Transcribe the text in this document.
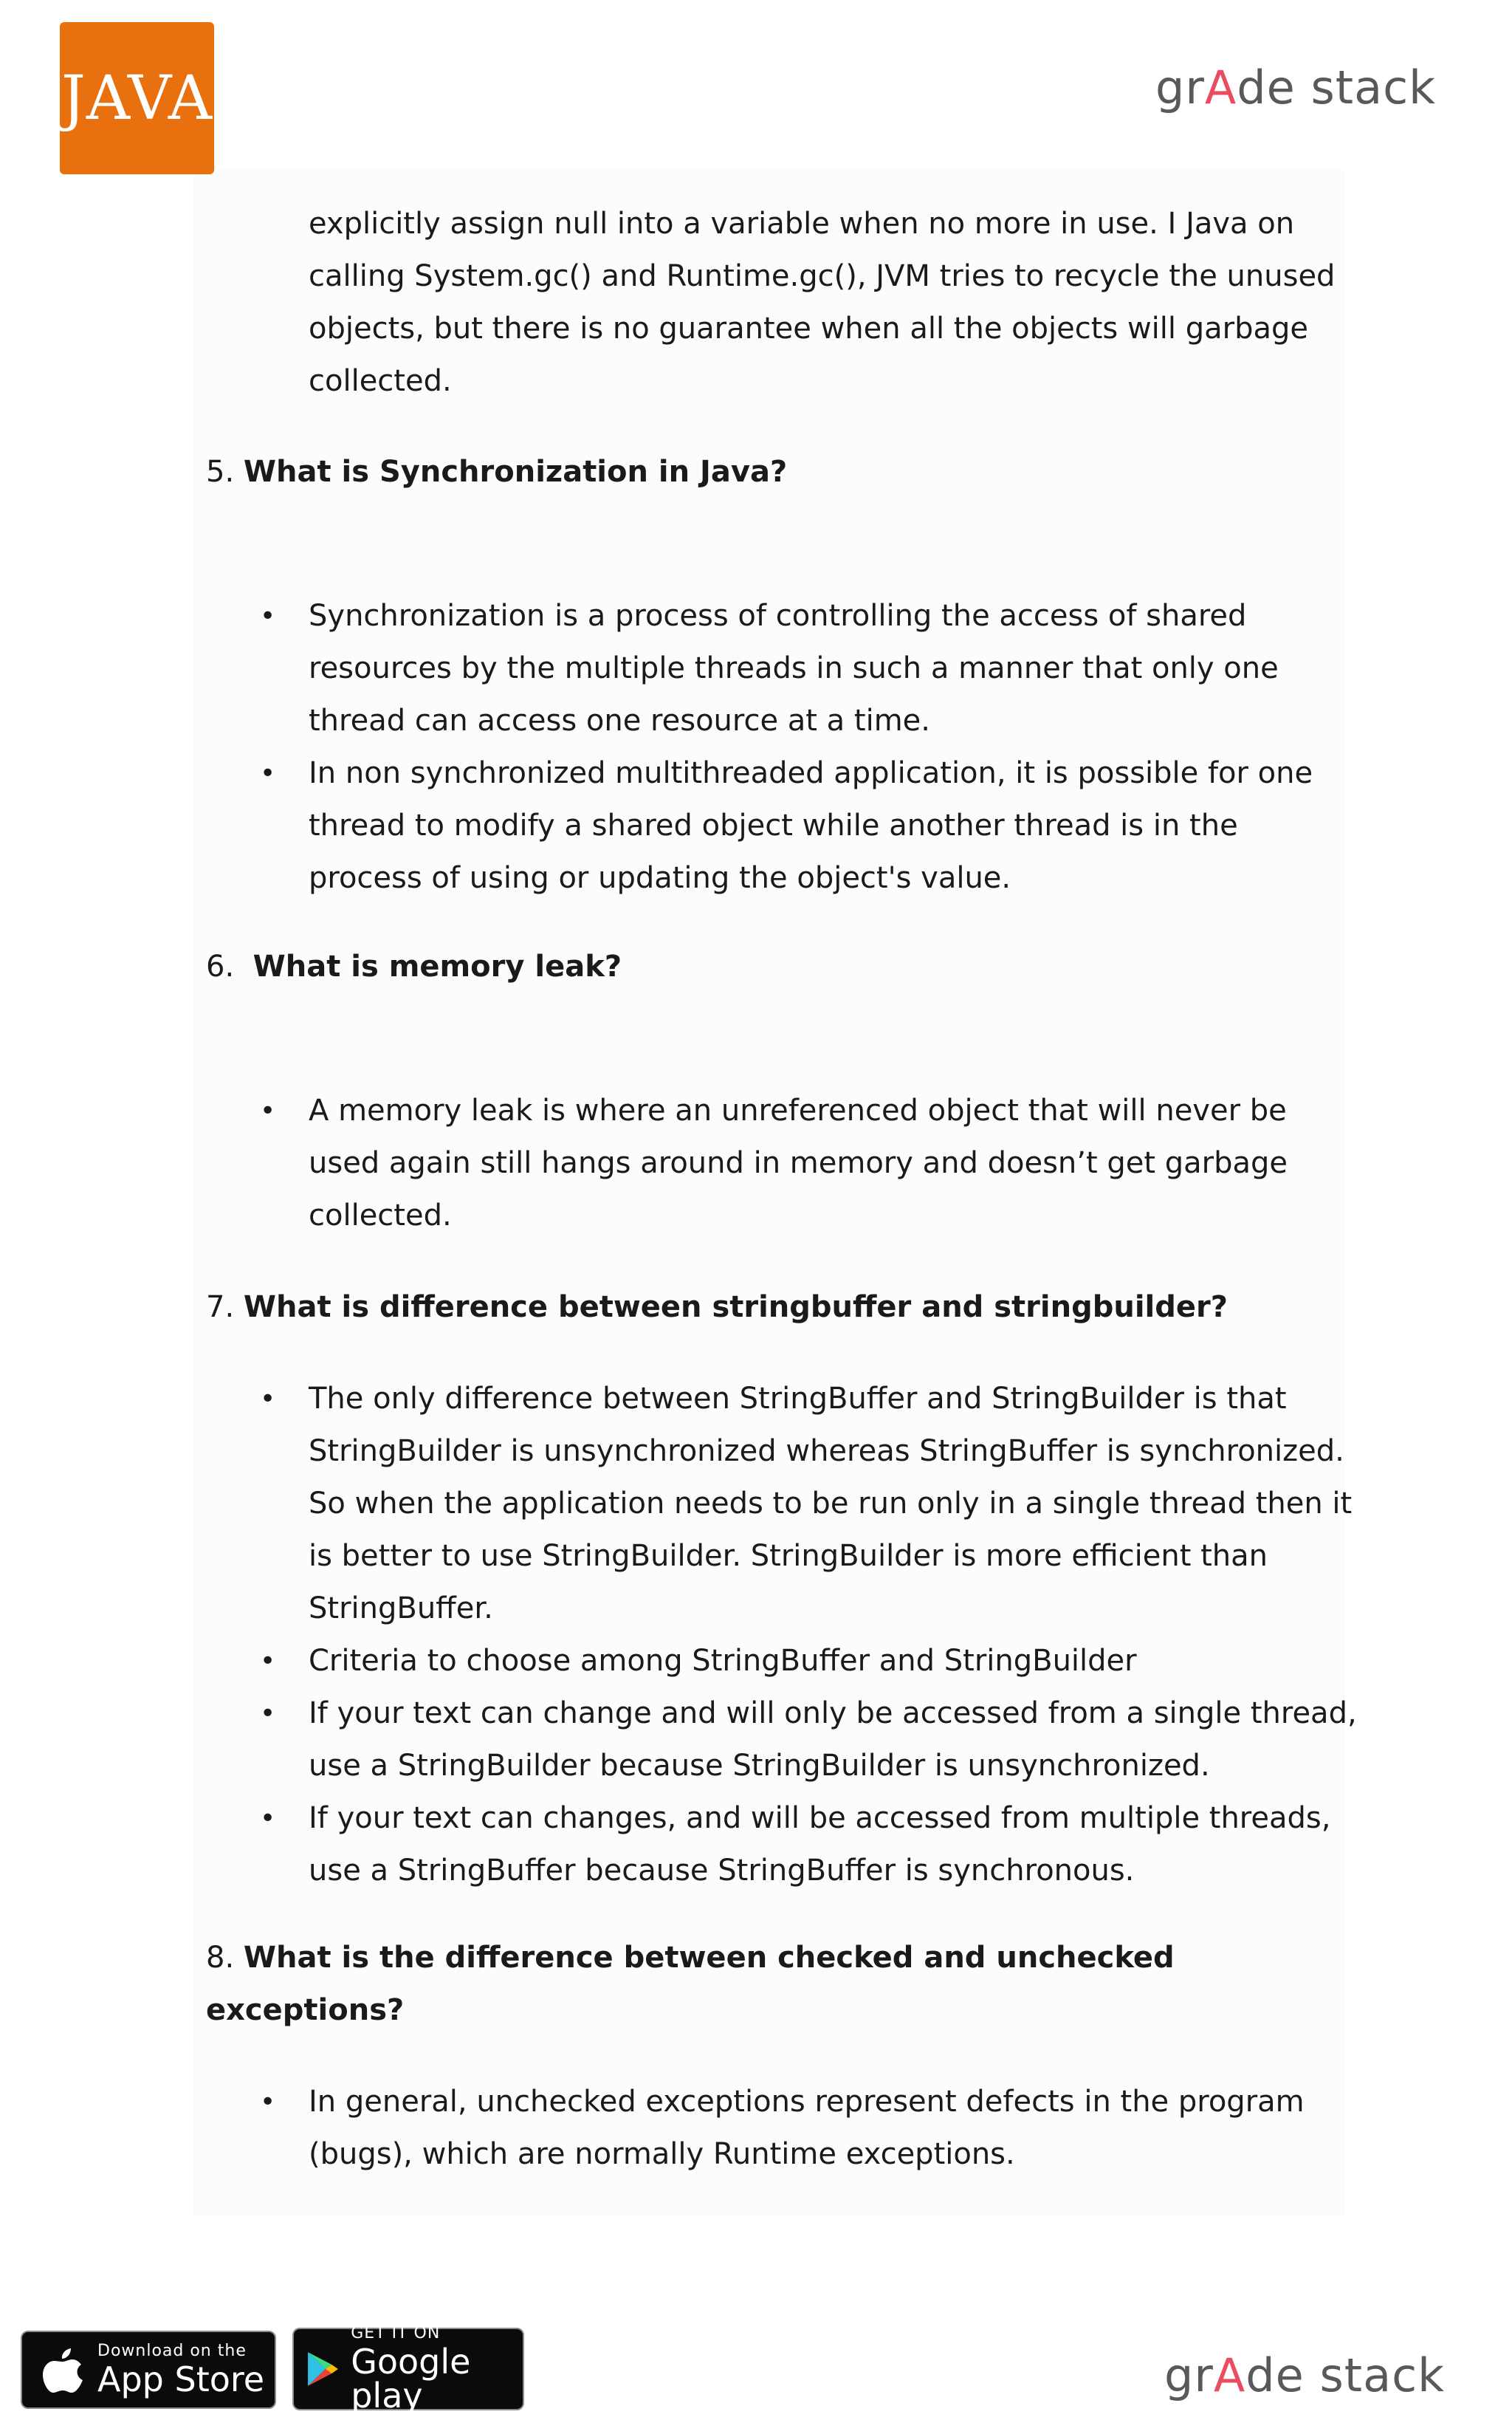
JAVA	gr A de stack
explicitly assign null into a variable when no more in use. I Java on calling System.gc() and Runtime.gc(), JVM tries to recycle the unused objects, but there is no guarantee when all the objects will garbage collected.
5. What is Synchronization in Java?
• Synchronization is a process of controlling the access of shared resources by the multiple threads in such a manner that only one thread can access one resource at a time.
• In non synchronized multithreaded application, it is possible for one thread to modify a shared object while another thread is in the process of using or updating the object's value.
6. What is memory leak?
• A memory leak is where an unreferenced object that will never be used again still hangs around in memory and doesn’t get garbage collected.
7. What is difference between stringbuffer and stringbuilder?
• The only difference between StringBuffer and StringBuilder is that StringBuilder is unsynchronized whereas StringBuffer is synchronized. So when the application needs to be run only in a single thread then it is better to use StringBuilder. StringBuilder is more efficient than StringBuffer.
• Criteria to choose among StringBuffer and StringBuilder
• If your text can change and will only be accessed from a single thread, use a StringBuilder because StringBuilder is unsynchronized.
• If your text can changes, and will be accessed from multiple threads, use a StringBuffer because StringBuffer is synchronous.
8. What is the difference between checked and unchecked exceptions?
• In general, unchecked exceptions represent defects in the program (bugs), which are normally Runtime exceptions.
Download on the
App Store
GET IT ON
Google play	gr A de stack
